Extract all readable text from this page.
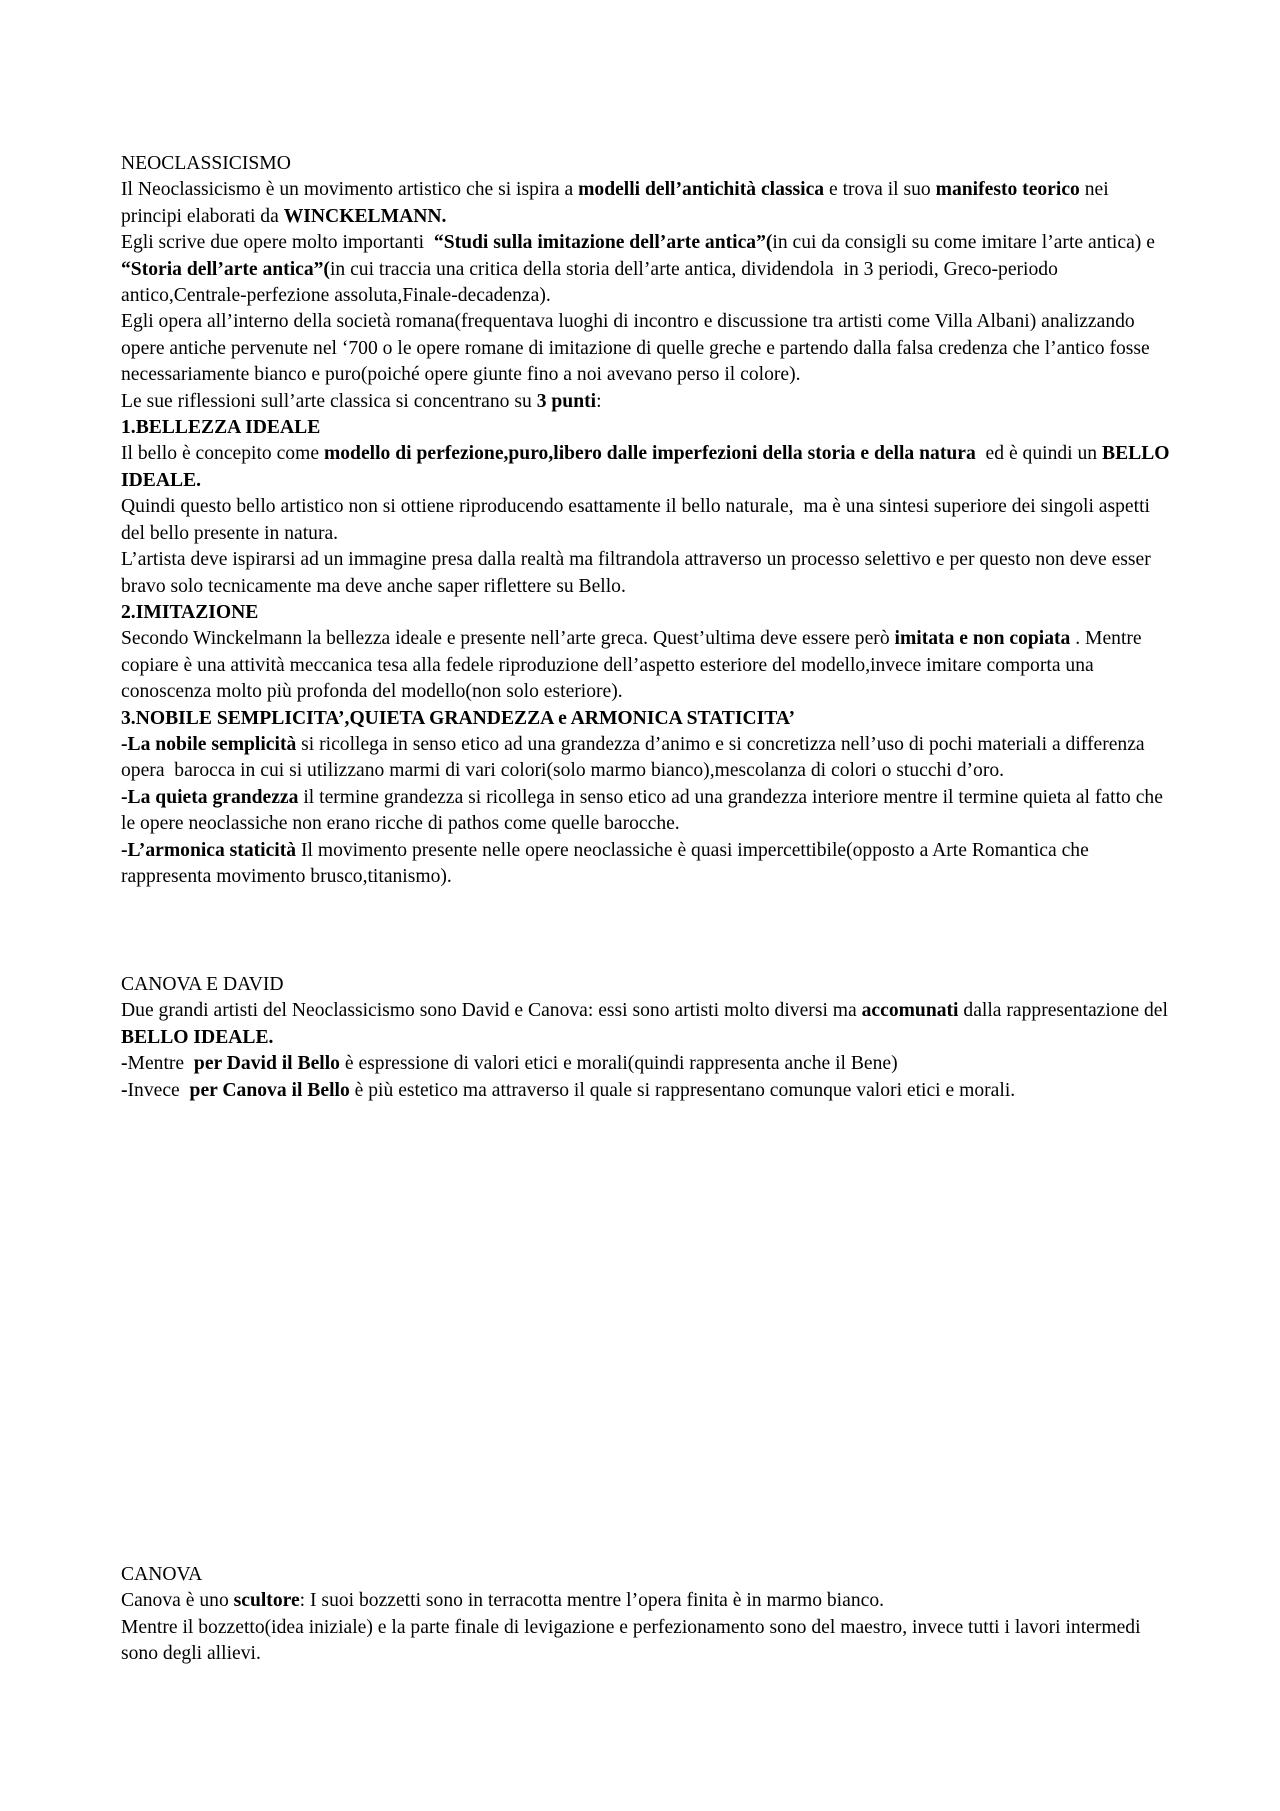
NEOCLASSICISMO

Il Neoclassicismo è un movimento artistico che si ispira a modelli dell’antichità classica e trova il suo manifesto teorico nei principi elaborati da WINCKELMANN.

Egli scrive due opere molto importanti  “Studi sulla imitazione dell’arte antica”(in cui da consigli su come imitare l’arte antica) e  “Storia dell’arte antica”(in cui traccia una critica della storia dell’arte antica, dividendola  in 3 periodi, Greco-periodo antico,Centrale-perfezione assoluta,Finale-decadenza).

Egli opera all’interno della società romana(frequentava luoghi di incontro e discussione tra artisti come Villa Albani) analizzando opere antiche pervenute nel ‘700 o le opere romane di imitazione di quelle greche e partendo dalla falsa credenza che l’antico fosse necessariamente bianco e puro(poiché opere giunte fino a noi avevano perso il colore).

Le sue riflessioni sull’arte classica si concentrano su 3 punti:

1.BELLEZZA IDEALE

Il bello è concepito come modello di perfezione,puro,libero dalle imperfezioni della storia e della natura  ed è quindi un BELLO IDEALE.

Quindi questo bello artistico non si ottiene riproducendo esattamente il bello naturale,  ma è una sintesi superiore dei singoli aspetti del bello presente in natura.

L’artista deve ispirarsi ad un immagine presa dalla realtà ma filtrandola attraverso un processo selettivo e per questo non deve esser bravo solo tecnicamente ma deve anche saper riflettere su Bello.

2.IMITAZIONE

Secondo Winckelmann la bellezza ideale e presente nell’arte greca. Quest’ultima deve essere però imitata e non copiata . Mentre copiare è una attività meccanica tesa alla fedele riproduzione dell’aspetto esteriore del modello,invece imitare comporta una conoscenza molto più profonda del modello(non solo esteriore).

3.NOBILE SEMPLICITA’,QUIETA GRANDEZZA e ARMONICA STATICITA’

-La nobile semplicità si ricollega in senso etico ad una grandezza d’animo e si concretizza nell’uso di pochi materiali a differenza opera  barocca in cui si utilizzano marmi di vari colori(solo marmo bianco),mescolanza di colori o stucchi d’oro.

-La quieta grandezza il termine grandezza si ricollega in senso etico ad una grandezza interiore mentre il termine quieta al fatto che le opere neoclassiche non erano ricche di pathos come quelle barocche.

-L’armonica staticità Il movimento presente nelle opere neoclassiche è quasi impercettibile(opposto a Arte Romantica che rappresenta movimento brusco,titanismo).

CANOVA E DAVID

Due grandi artisti del Neoclassicismo sono David e Canova: essi sono artisti molto diversi ma accomunati dalla rappresentazione del BELLO IDEALE.

-Mentre  per David il Bello è espressione di valori etici e morali(quindi rappresenta anche il Bene)

-Invece  per Canova il Bello è più estetico ma attraverso il quale si rappresentano comunque valori etici e morali.

CANOVA

Canova è uno scultore: I suoi bozzetti sono in terracotta mentre l’opera finita è in marmo bianco.

Mentre il bozzetto(idea iniziale) e la parte finale di levigazione e perfezionamento sono del maestro, invece tutti i lavori intermedi sono degli allievi.
